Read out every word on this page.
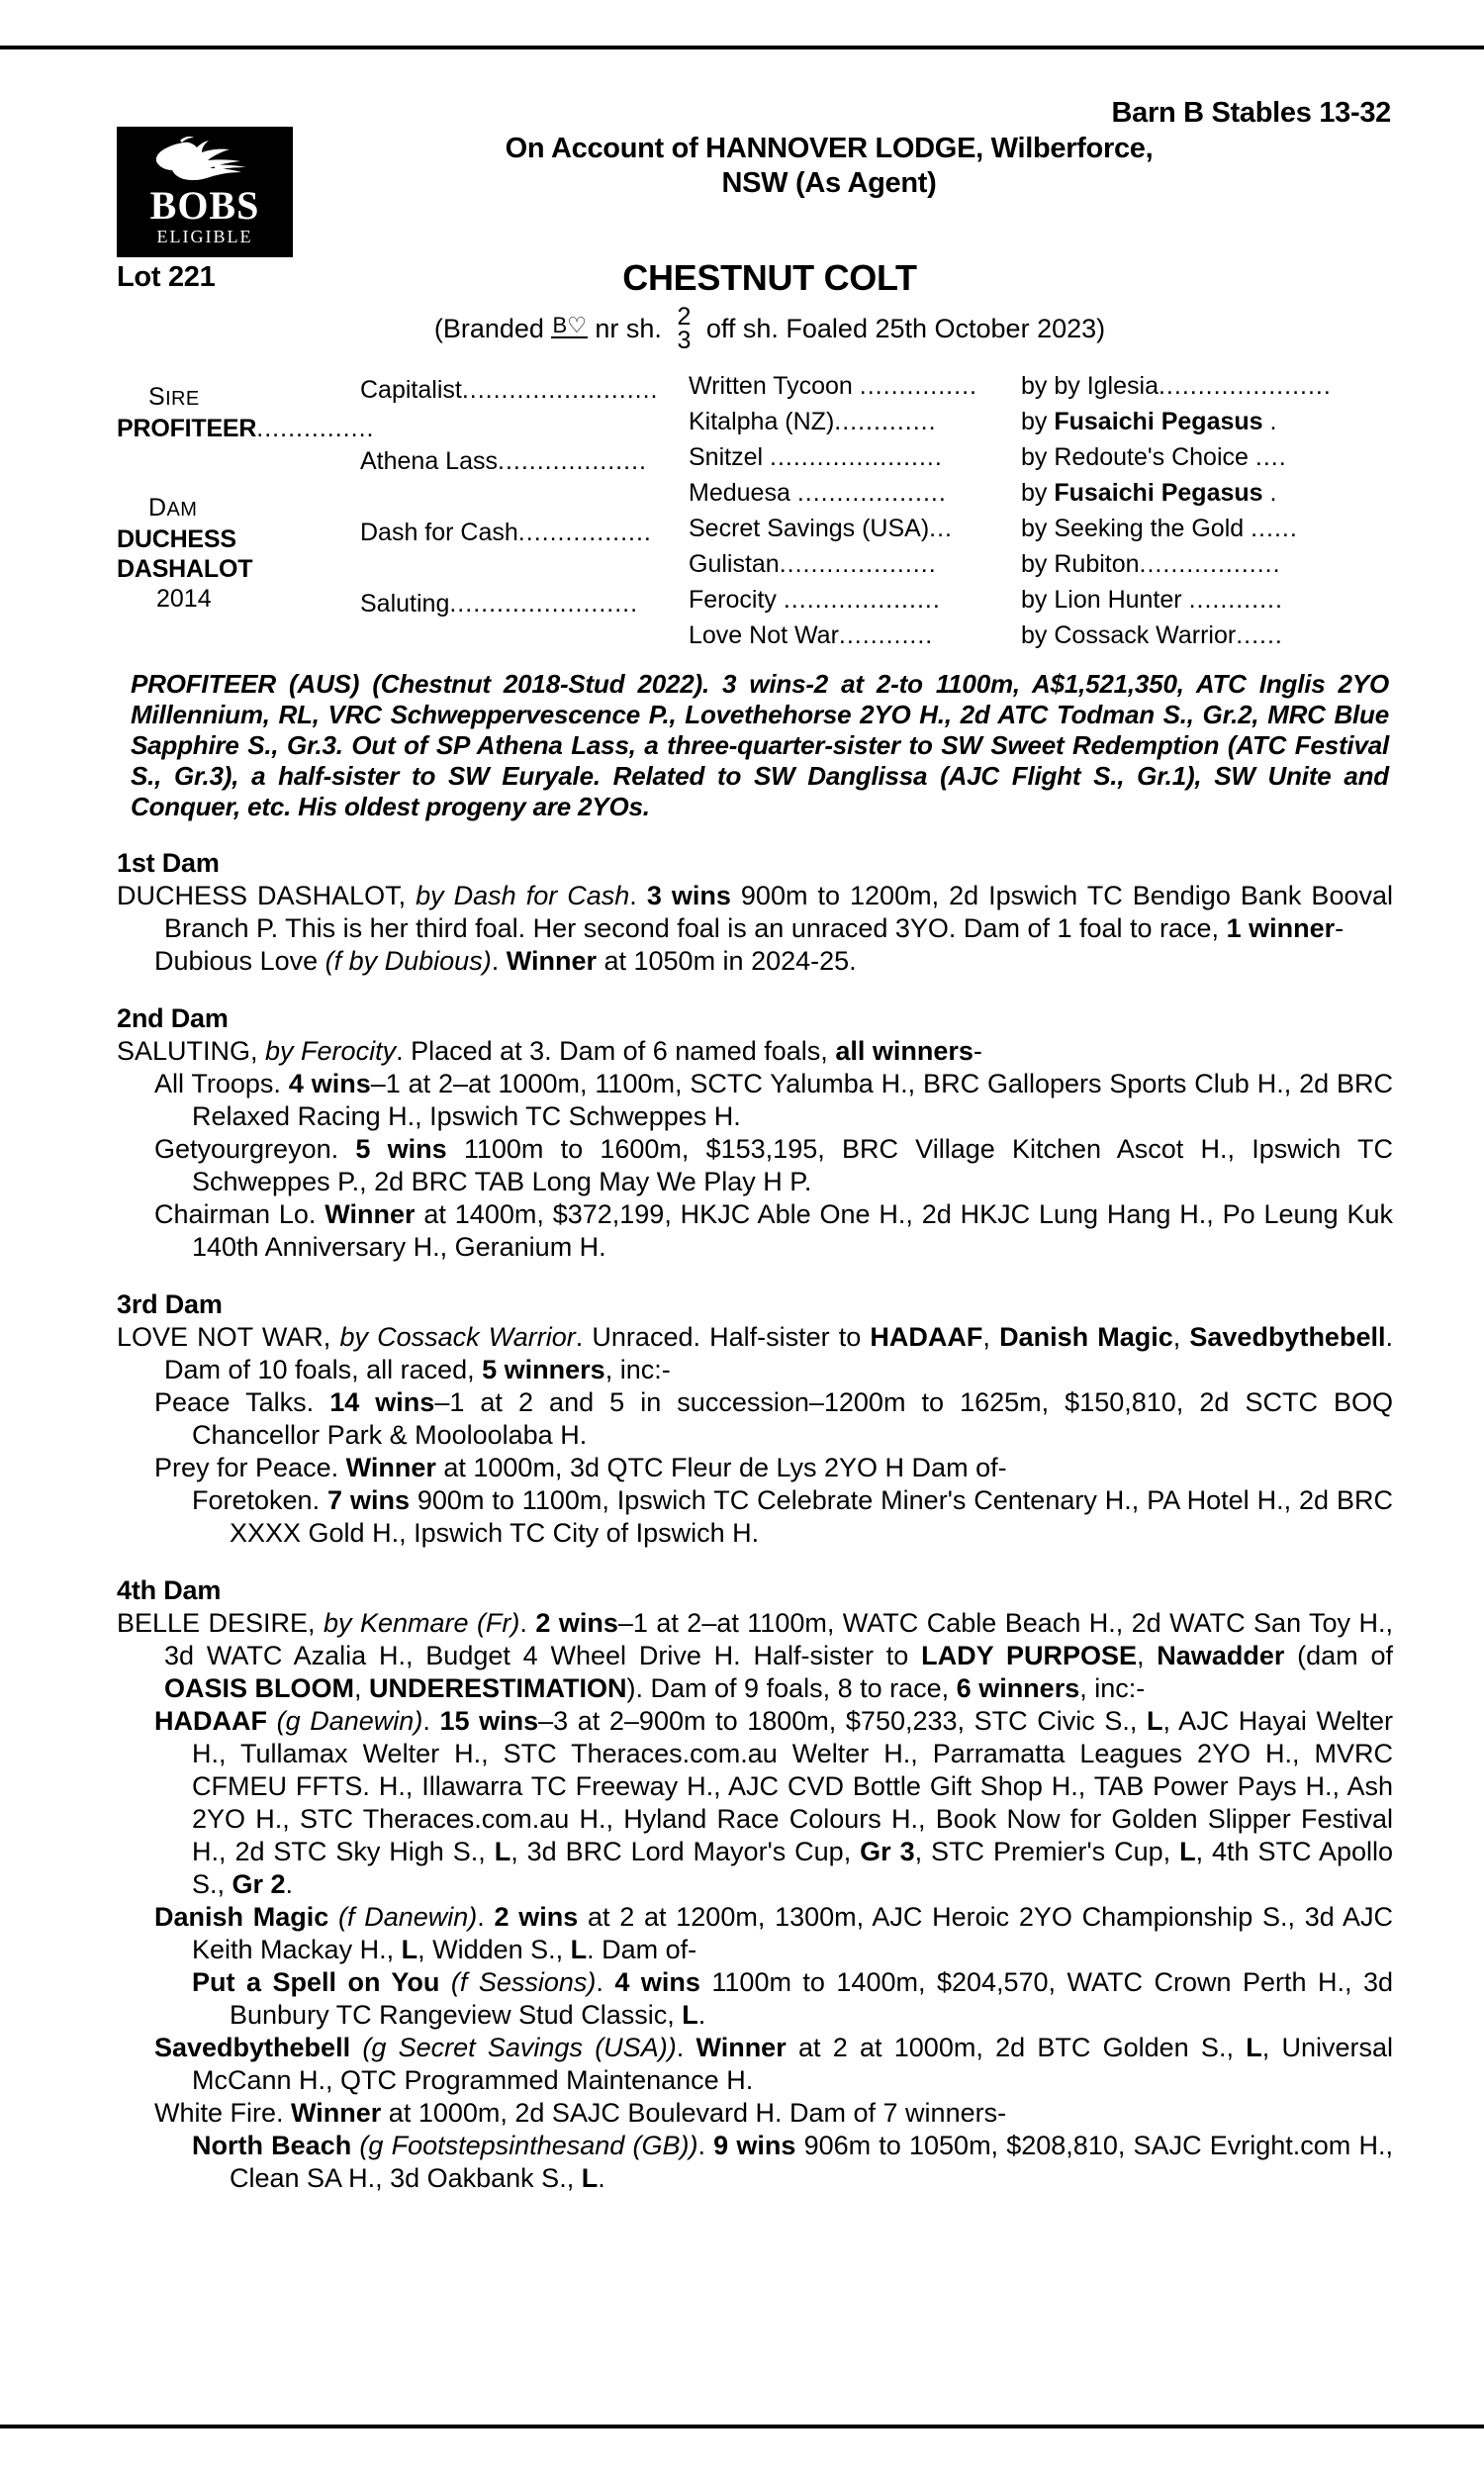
BOBS
ELIGIBLE
Barn B Stables 13-32
On Account of HANNOVER LODGE, Wilberforce,
NSW (As Agent)
Lot 221	CHESTNUT COLT
(Branded B♡ nr sh. 2
3 off sh. Foaled 25th October 2023)
SIRE
PROFITEER...............
DAM
DUCHESS DASHALOT
2014
Capitalist.........................
Athena Lass...................
Dash for Cash.................
Saluting........................
Written Tycoon ...............
Kitalpha (NZ).............
Snitzel ......................
Meduesa ...................
Secret Savings (USA)...
Gulistan....................
Ferocity ....................
Love Not War............
by by Iglesia......................
by Fusaichi Pegasus .
by Redoute's Choice ....
by Fusaichi Pegasus .
by Seeking the Gold ......
by Rubiton..................
by Lion Hunter ............
by Cossack Warrior......
PROFITEER (AUS) (Chestnut 2018-Stud 2022). 3 wins-2 at 2-to 1100m, A$1,521,350, ATC Inglis 2YO Millennium, RL, VRC Schweppervescence P., Lovethehorse 2YO H., 2d ATC Todman S., Gr.2, MRC Blue Sapphire S., Gr.3. Out of SP Athena Lass, a three-quarter-sister to SW Sweet Redemption (ATC Festival S., Gr.3), a half-sister to SW Euryale. Related to SW Danglissa (AJC Flight S., Gr.1), SW Unite and Conquer, etc. His oldest progeny are 2YOs.
1st Dam
DUCHESS DASHALOT, by Dash for Cash. 3 wins 900m to 1200m, 2d Ipswich TC Bendigo Bank Booval Branch P. This is her third foal. Her second foal is an unraced 3YO. Dam of 1 foal to race, 1 winner-
Dubious Love (f by Dubious). Winner at 1050m in 2024-25.
2nd Dam
SALUTING, by Ferocity. Placed at 3. Dam of 6 named foals, all winners-
All Troops. 4 wins–1 at 2–at 1000m, 1100m, SCTC Yalumba H., BRC Gallopers Sports Club H., 2d BRC Relaxed Racing H., Ipswich TC Schweppes H.
Getyourgreyon. 5 wins 1100m to 1600m, $153,195, BRC Village Kitchen Ascot H., Ipswich TC Schweppes P., 2d BRC TAB Long May We Play H P.
Chairman Lo. Winner at 1400m, $372,199, HKJC Able One H., 2d HKJC Lung Hang H., Po Leung Kuk 140th Anniversary H., Geranium H.
3rd Dam
LOVE NOT WAR, by Cossack Warrior. Unraced. Half-sister to HADAAF, Danish Magic, Savedbythebell. Dam of 10 foals, all raced, 5 winners, inc:-
Peace Talks. 14 wins–1 at 2 and 5 in succession–1200m to 1625m, $150,810, 2d SCTC BOQ Chancellor Park & Mooloolaba H.
Prey for Peace. Winner at 1000m, 3d QTC Fleur de Lys 2YO H Dam of-
Foretoken. 7 wins 900m to 1100m, Ipswich TC Celebrate Miner's Centenary H., PA Hotel H., 2d BRC XXXX Gold H., Ipswich TC City of Ipswich H.
4th Dam
BELLE DESIRE, by Kenmare (Fr). 2 wins–1 at 2–at 1100m, WATC Cable Beach H., 2d WATC San Toy H., 3d WATC Azalia H., Budget 4 Wheel Drive H. Half-sister to LADY PURPOSE, Nawadder (dam of OASIS BLOOM, UNDERESTIMATION). Dam of 9 foals, 8 to race, 6 winners, inc:-
HADAAF (g Danewin). 15 wins–3 at 2–900m to 1800m, $750,233, STC Civic S., L, AJC Hayai Welter H., Tullamax Welter H., STC Theraces.com.au Welter H., Parramatta Leagues 2YO H., MVRC CFMEU FFTS. H., Illawarra TC Freeway H., AJC CVD Bottle Gift Shop H., TAB Power Pays H., Ash 2YO H., STC Theraces.com.au H., Hyland Race Colours H., Book Now for Golden Slipper Festival H., 2d STC Sky High S., L, 3d BRC Lord Mayor's Cup, Gr 3, STC Premier's Cup, L, 4th STC Apollo S., Gr 2.
Danish Magic (f Danewin). 2 wins at 2 at 1200m, 1300m, AJC Heroic 2YO Championship S., 3d AJC Keith Mackay H., L, Widden S., L. Dam of-
Put a Spell on You (f Sessions). 4 wins 1100m to 1400m, $204,570, WATC Crown Perth H., 3d Bunbury TC Rangeview Stud Classic, L.
Savedbythebell (g Secret Savings (USA)). Winner at 2 at 1000m, 2d BTC Golden S., L, Universal McCann H., QTC Programmed Maintenance H.
White Fire. Winner at 1000m, 2d SAJC Boulevard H. Dam of 7 winners-
North Beach (g Footstepsinthesand (GB)). 9 wins 906m to 1050m, $208,810, SAJC Evright.com H., Clean SA H., 3d Oakbank S., L.
